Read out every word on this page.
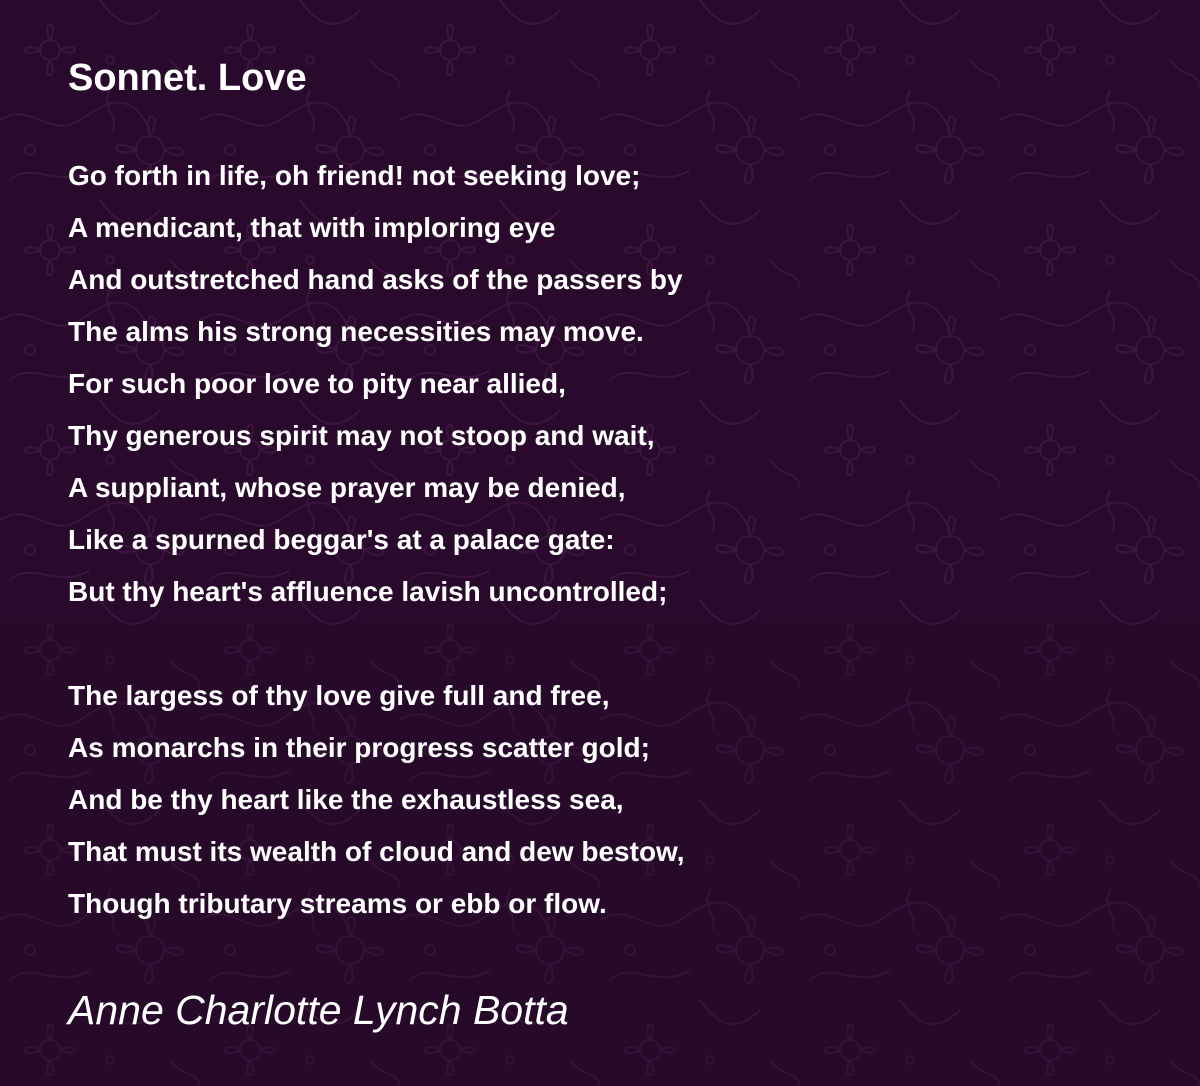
Sonnet. Love
Go forth in life, oh friend! not seeking love;
A mendicant, that with imploring eye
And outstretched hand asks of the passers by
The alms his strong necessities may move.
For such poor love to pity near allied,
Thy generous spirit may not stoop and wait,
A suppliant, whose prayer may be denied,
Like a spurned beggar's at a palace gate:
But thy heart's affluence lavish uncontrolled;
The largess of thy love give full and free,
As monarchs in their progress scatter gold;
And be thy heart like the exhaustless sea,
That must its wealth of cloud and dew bestow,
Though tributary streams or ebb or flow.

Anne Charlotte Lynch Botta
